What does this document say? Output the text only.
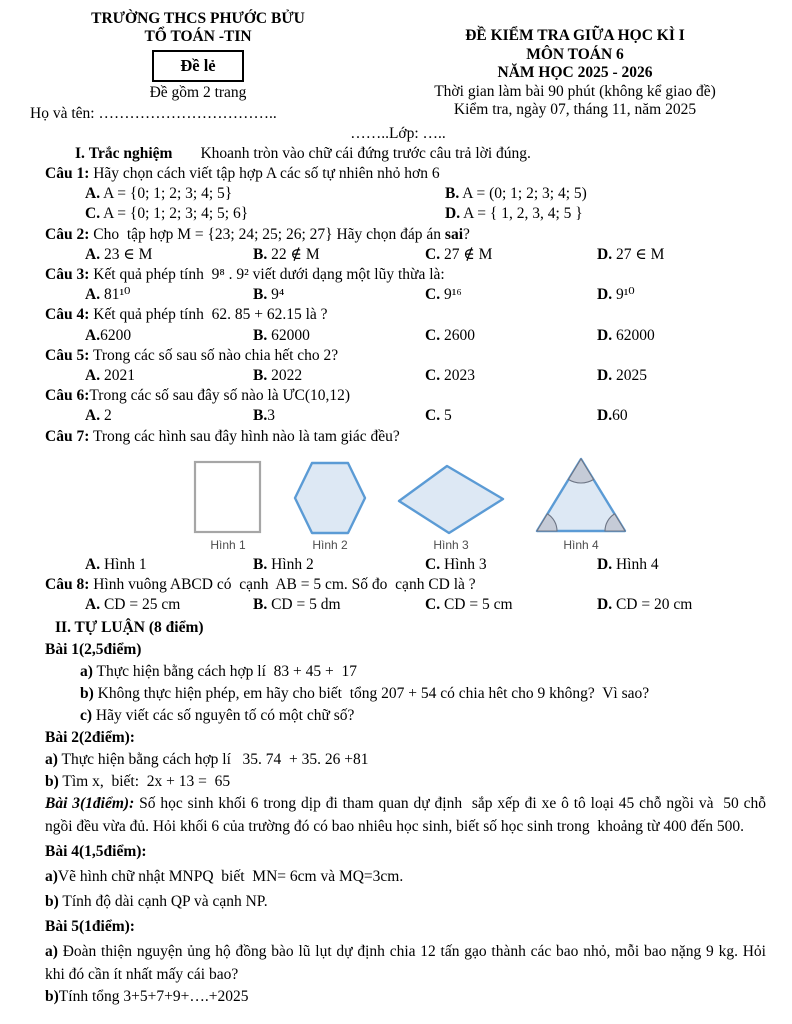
TRƯỜNG THCS PHƯỚC BỬU
TỔ TOÁN -TIN
Đề lẻ
Đề gồm 2 trang
Họ và tên: ……………………………..
ĐỀ KIỂM TRA GIỮA HỌC KÌ I
MÔN TOÁN 6
NĂM HỌC 2025 - 2026
Thời gian làm bài 90 phút (không kể giao đề)
Kiểm tra, ngày 07, tháng 11, năm 2025
……..Lớp: …..
I. Trắc nghiệm Khoanh tròn vào chữ cái đứng trước câu trả lời đúng.
Câu 1: Hãy chọn cách viết tập hợp A các số tự nhiên nhỏ hơn 6
A. A = {0; 1; 2; 3; 4; 5}	B. A = (0; 1; 2; 3; 4; 5)
C. A = {0; 1; 2; 3; 4; 5; 6}	D. A = { 1, 2, 3, 4; 5 }
Câu 2: Cho  tập hợp M = {23; 24; 25; 26; 27} Hãy chọn đáp án sai?
A. 23 ∈ M	B. 22 ∉ M	C. 27 ∉ M	D. 27 ∈ M
Câu 3: Kết quả phép tính  9⁸ . 9² viết dưới dạng một lũy thừa là:
A. 81¹⁰	B. 9⁴	C. 9¹⁶	D. 9¹⁰
Câu 4: Kết quả phép tính  62. 85 + 62.15 là ?
A.6200	B. 62000	C. 2600	D. 62000
Câu 5: Trong các số sau số nào chia hết cho 2?
A. 2021	B. 2022	C. 2023	D. 2025
Câu 6:Trong các số sau đây số nào là ƯC(10,12)
A. 2	B.3	C. 5	D.60
Câu 7: Trong các hình sau đây hình nào là tam giác đều?
Hình 1	Hình 2	Hình 3	Hình 4
A. Hình 1	B. Hình 2	C. Hình 3	D. Hình 4
Câu 8: Hình vuông ABCD có  cạnh  AB = 5 cm. Số đo  cạnh CD là ?
A. CD = 25 cm	B. CD = 5 dm	C. CD = 5 cm	D. CD = 20 cm
II. TỰ LUẬN (8 điểm)
Bài 1(2,5điểm)
a) Thực hiện bằng cách hợp lí  83 + 45 +  17
b) Không thực hiện phép, em hãy cho biết  tổng 207 + 54 có chia hêt cho 9 không?  Vì sao?
c) Hãy viết các số nguyên tố có một chữ số?
Bài 2(2điểm):
a) Thực hiện bằng cách hợp lí   35. 74  + 35. 26 +81
b) Tìm x,  biết:  2x + 13 =  65
Bài 3(1điểm): Số học sinh khối 6 trong dịp đi tham quan dự định  sắp xếp đi xe ô tô loại 45 chỗ ngồi và  50 chỗ ngồi đều vừa đủ. Hỏi khối 6 của trường đó có bao nhiêu học sinh, biết số học sinh trong  khoảng từ 400 đến 500.
Bài 4(1,5điểm):
a)Vẽ hình chữ nhật MNPQ  biết  MN= 6cm và MQ=3cm.
b) Tính độ dài cạnh QP và cạnh NP.
Bài 5(1điểm):
a) Đoàn thiện nguyện ủng hộ đồng bào lũ lụt dự định chia 12 tấn gạo thành các bao nhỏ, mỗi bao nặng 9 kg. Hỏi khi đó cần ít nhất mấy cái bao?
b)Tính tổng 3+5+7+9+….+2025
